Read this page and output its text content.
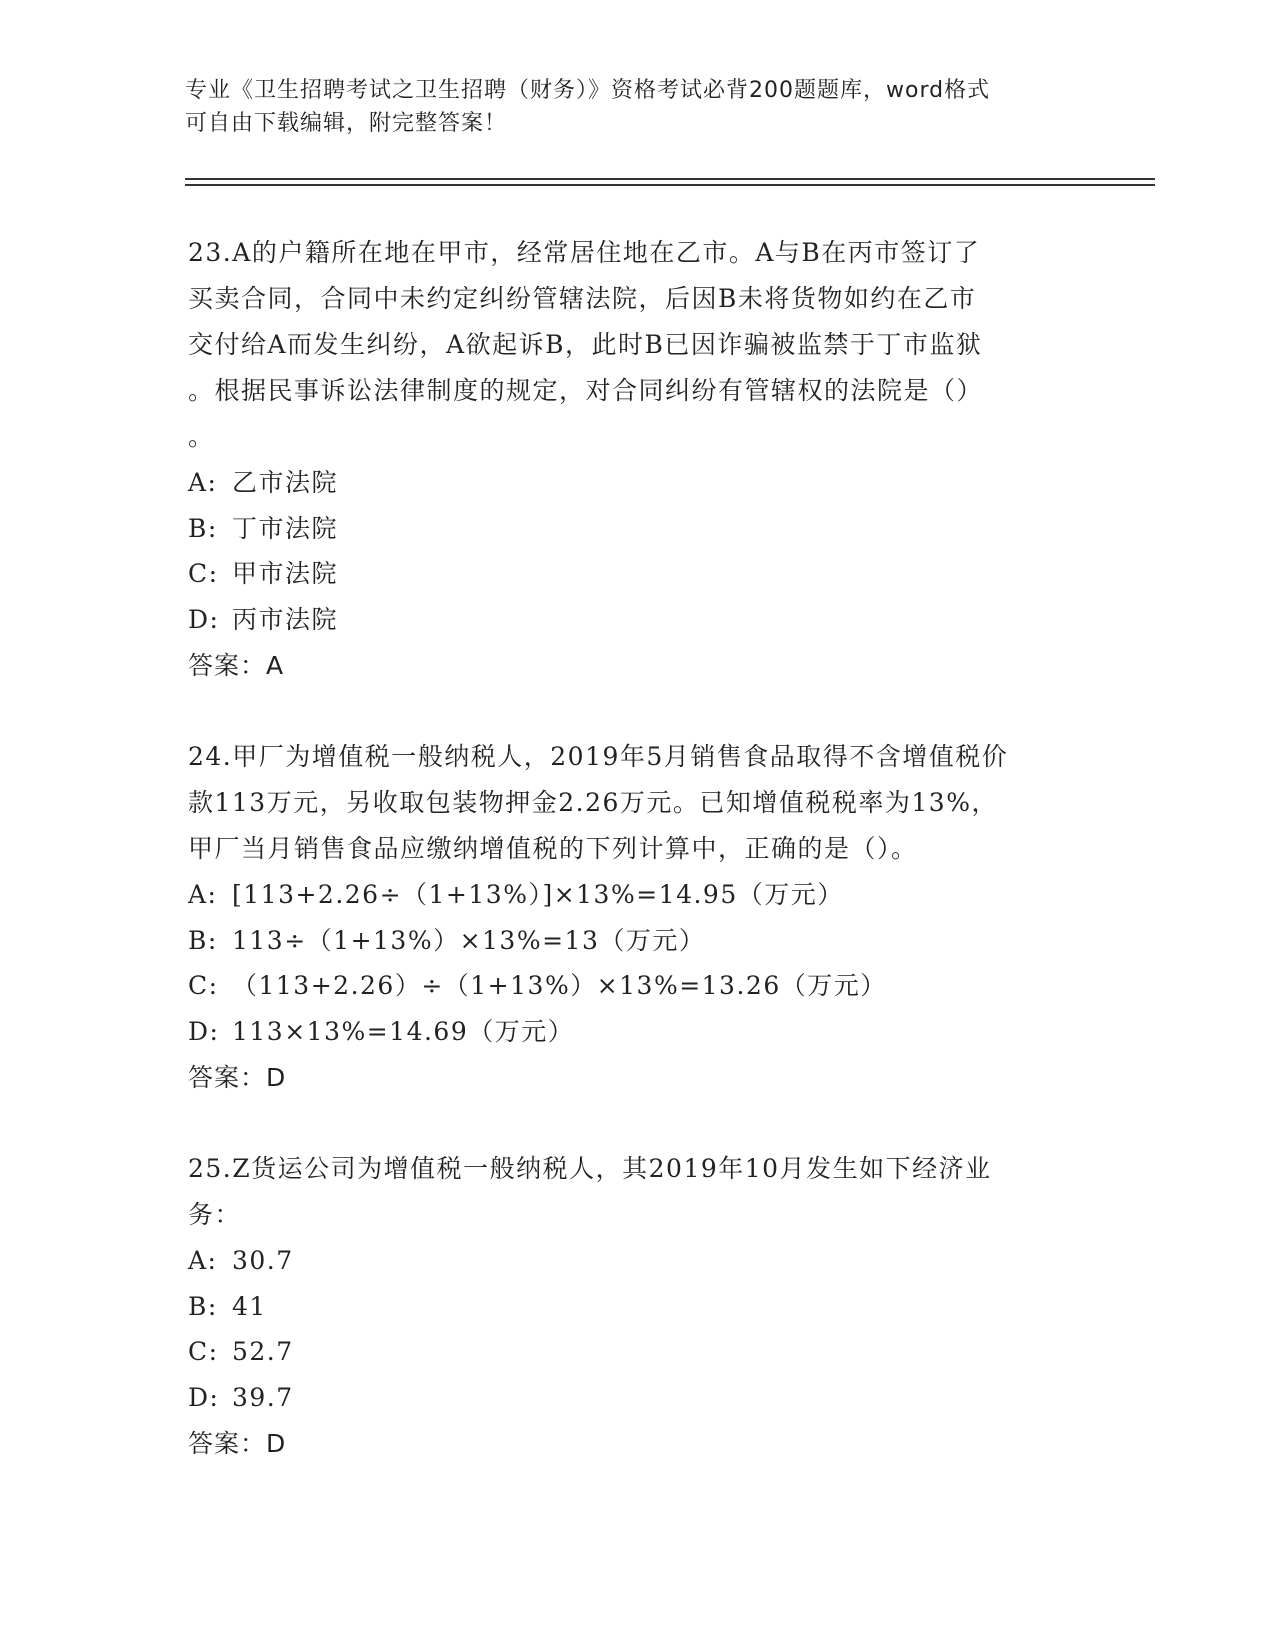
专业《卫生招聘考试之卫生招聘（财务）》资格考试必背200题题库，word格式
可自由下载编辑，附完整答案！
23.A的户籍所在地在甲市，经常居住地在乙市。A与B在丙市签订了
买卖合同，合同中未约定纠纷管辖法院，后因B未将货物如约在乙市
交付给A而发生纠纷，A欲起诉B，此时B已因诈骗被监禁于丁市监狱
。根据民事诉讼法律制度的规定，对合同纠纷有管辖权的法院是（）
。
A: 乙市法院
B: 丁市法院
C: 甲市法院
D: 丙市法院
答案：A
24.甲厂为增值税一般纳税人，2019年5月销售食品取得不含增值税价
款113万元，另收取包装物押金2.26万元。已知增值税税率为13%，
甲厂当月销售食品应缴纳增值税的下列计算中，正确的是（）。
A: [113+2.26÷（1+13%）]×13%=14.95（万元）
B: 113÷（1+13%）×13%=13（万元）
C: （113+2.26）÷（1+13%）×13%=13.26（万元）
D: 113×13%=14.69（万元）
答案：D
25.Z货运公司为增值税一般纳税人，其2019年10月发生如下经济业
务：
A: 30.7
B: 41
C: 52.7
D: 39.7
答案：D
